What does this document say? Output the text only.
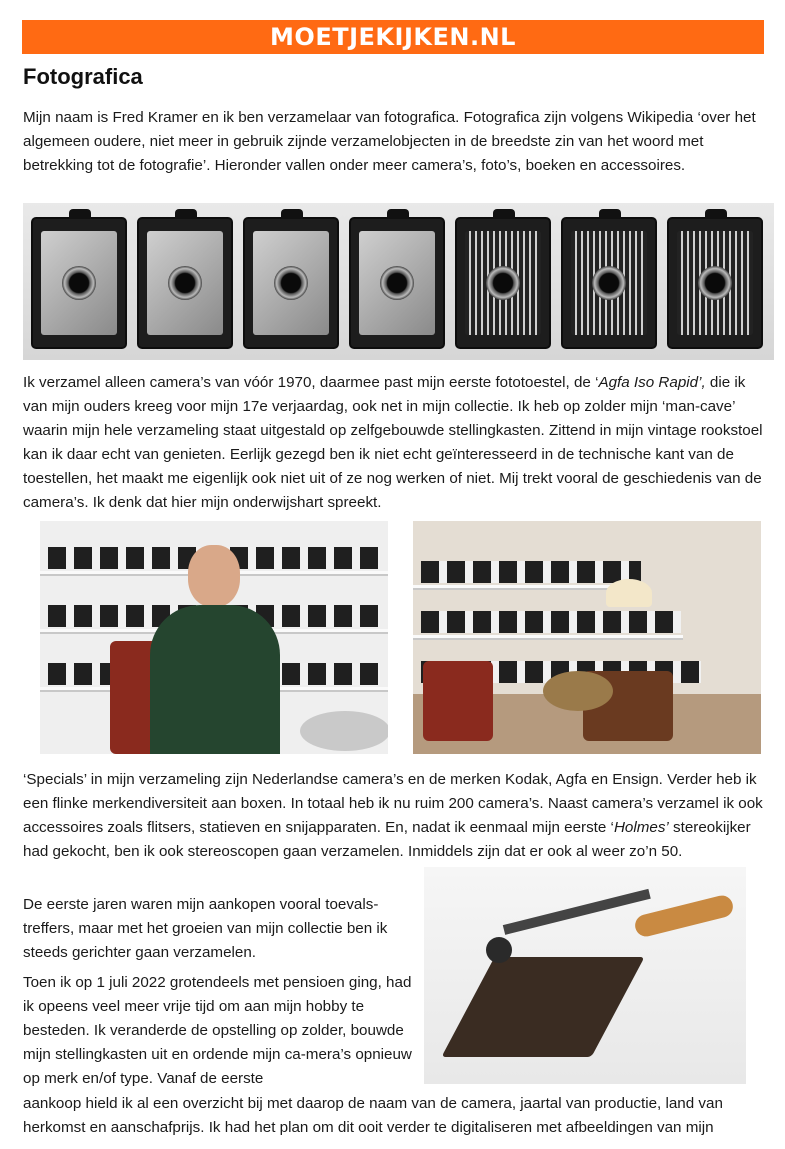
MOETJEKIJKEN.NL
Fotografica

Mijn naam is Fred Kramer en ik ben verzamelaar van fotografica. Fotografica zijn volgens Wikipedia ‘over het algemeen oudere, niet meer in gebruik zijnde verzamelobjecten in de breedste zin van het woord met betrekking tot de fotografie’. Hieronder vallen onder meer camera’s, foto’s, boeken en accessoires.

Ik verzamel alleen camera’s van vóór 1970, daarmee past mijn eerste fototoestel, de ‘Agfa Iso Rapid’, die ik van mijn ouders kreeg voor mijn 17e verjaardag, ook net in mijn collectie. Ik heb op zolder mijn ‘man-cave’ waarin mijn hele verzameling staat uitgestald op zelfgebouwde stellingkasten. Zittend in mijn vintage rookstoel kan ik daar echt van genieten. Eerlijk gezegd ben ik niet echt geïnteresseerd in de technische kant van de toestellen, het maakt me eigenlijk ook niet uit of ze nog werken of niet. Mij trekt vooral de geschiedenis van de camera’s. Ik denk dat hier mijn onderwijshart spreekt.

‘Specials’ in mijn verzameling zijn Nederlandse camera’s en de merken Kodak, Agfa en Ensign. Verder heb ik een flinke merkendiversiteit aan boxen. In totaal heb ik nu ruim 200 camera’s. Naast camera’s verzamel ik ook accessoires zoals flitsers, statieven en snijapparaten. En, nadat ik eenmaal mijn eerste ‘Holmes’ stereokijker had gekocht, ben ik ook stereoscopen gaan verzamelen. Inmiddels zijn dat er ook al weer zo’n 50.

De eerste jaren waren mijn aankopen vooral toevals-treffers, maar met het groeien van mijn collectie ben ik steeds gerichter gaan verzamelen.

Toen ik op 1 juli 2022 grotendeels met pensioen ging, had ik opeens veel meer vrije tijd om aan mijn hobby te besteden. Ik veranderde de opstelling op zolder, bouwde mijn stellingkasten uit en ordende mijn ca-mera’s opnieuw op merk en/of type. Vanaf de eerste

aankoop hield ik al een overzicht bij met daarop de naam van de camera, jaartal van productie, land van herkomst en aanschafprijs. Ik had het plan om dit ooit verder te digitaliseren met afbeeldingen van mijn
